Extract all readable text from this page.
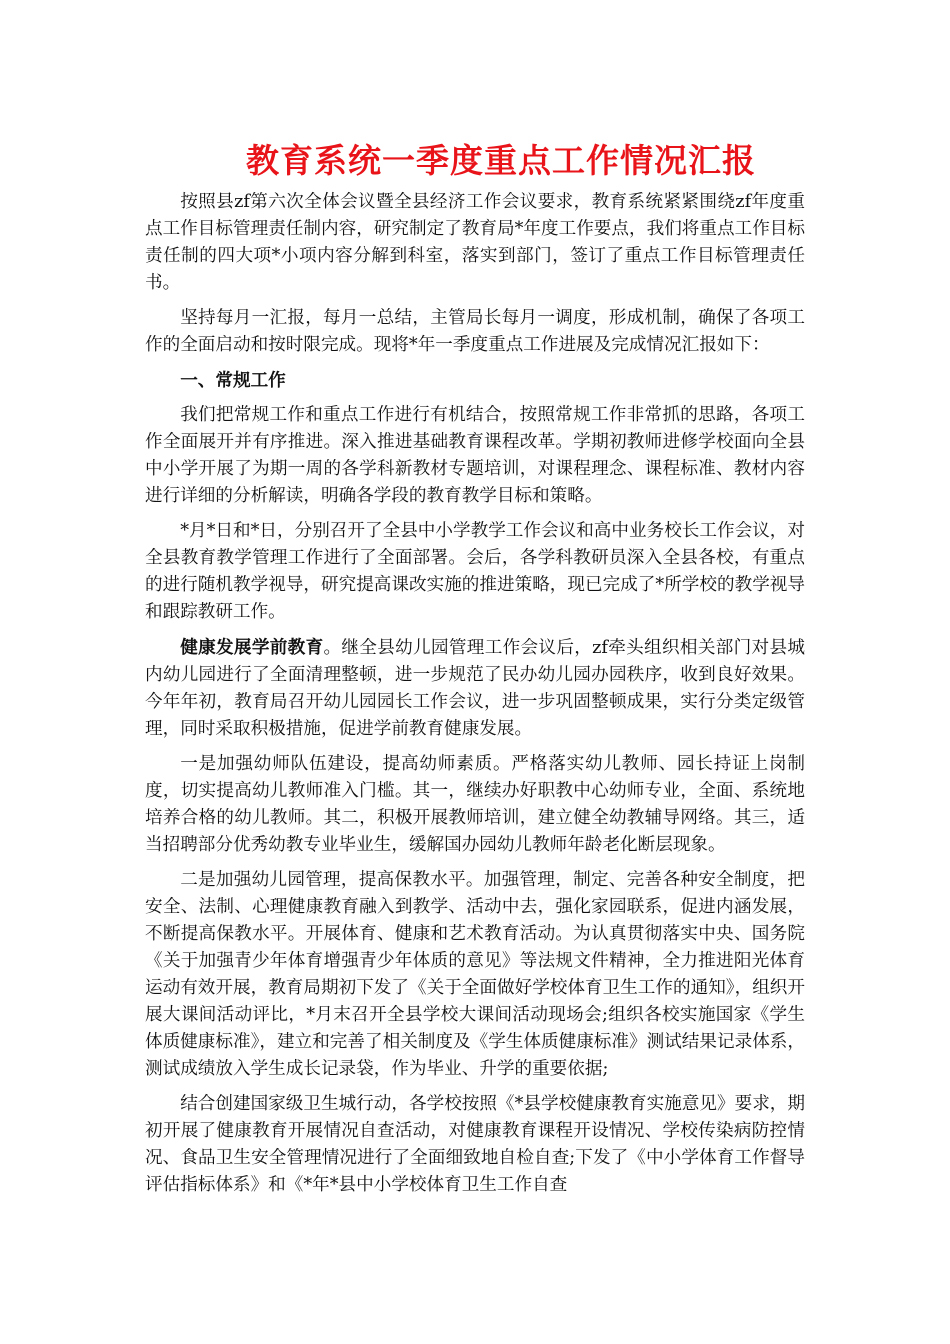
教育系统一季度重点工作情况汇报

按照县zf第六次全体会议暨全县经济工作会议要求，教育系统紧紧围绕zf年度重点工作目标管理责任制内容，研究制定了教育局*年度工作要点，我们将重点工作目标责任制的四大项*小项内容分解到科室，落实到部门，签订了重点工作目标管理责任书。

坚持每月一汇报，每月一总结，主管局长每月一调度，形成机制，确保了各项工作的全面启动和按时限完成。现将*年一季度重点工作进展及完成情况汇报如下：

一、常规工作

我们把常规工作和重点工作进行有机结合，按照常规工作非常抓的思路，各项工作全面展开并有序推进。深入推进基础教育课程改革。学期初教师进修学校面向全县中小学开展了为期一周的各学科新教材专题培训，对课程理念、课程标准、教材内容进行详细的分析解读，明确各学段的教育教学目标和策略。

*月*日和*日，分别召开了全县中小学教学工作会议和高中业务校长工作会议，对全县教育教学管理工作进行了全面部署。会后，各学科教研员深入全县各校，有重点的进行随机教学视导，研究提高课改实施的推进策略，现已完成了*所学校的教学视导和跟踪教研工作。

健康发展学前教育。继全县幼儿园管理工作会议后，zf牵头组织相关部门对县城内幼儿园进行了全面清理整顿，进一步规范了民办幼儿园办园秩序，收到良好效果。今年年初，教育局召开幼儿园园长工作会议，进一步巩固整顿成果，实行分类定级管理，同时采取积极措施，促进学前教育健康发展。

一是加强幼师队伍建设，提高幼师素质。严格落实幼儿教师、园长持证上岗制度，切实提高幼儿教师准入门槛。其一，继续办好职教中心幼师专业，全面、系统地培养合格的幼儿教师。其二，积极开展教师培训，建立健全幼教辅导网络。其三，适当招聘部分优秀幼教专业毕业生，缓解国办园幼儿教师年龄老化断层现象。

二是加强幼儿园管理，提高保教水平。加强管理，制定、完善各种安全制度，把安全、法制、心理健康教育融入到教学、活动中去，强化家园联系，促进内涵发展，不断提高保教水平。开展体育、健康和艺术教育活动。为认真贯彻落实中央、国务院《关于加强青少年体育增强青少年体质的意见》等法规文件精神，全力推进阳光体育运动有效开展，教育局期初下发了《关于全面做好学校体育卫生工作的通知》，组织开展大课间活动评比，*月末召开全县学校大课间活动现场会;组织各校实施国家《学生体质健康标准》，建立和完善了相关制度及《学生体质健康标准》测试结果记录体系，测试成绩放入学生成长记录袋，作为毕业、升学的重要依据;

结合创建国家级卫生城行动，各学校按照《*县学校健康教育实施意见》要求，期初开展了健康教育开展情况自查活动，对健康教育课程开设情况、学校传染病防控情况、食品卫生安全管理情况进行了全面细致地自检自查;下发了《中小学体育工作督导评估指标体系》和《*年*县中小学校体育卫生工作自查
